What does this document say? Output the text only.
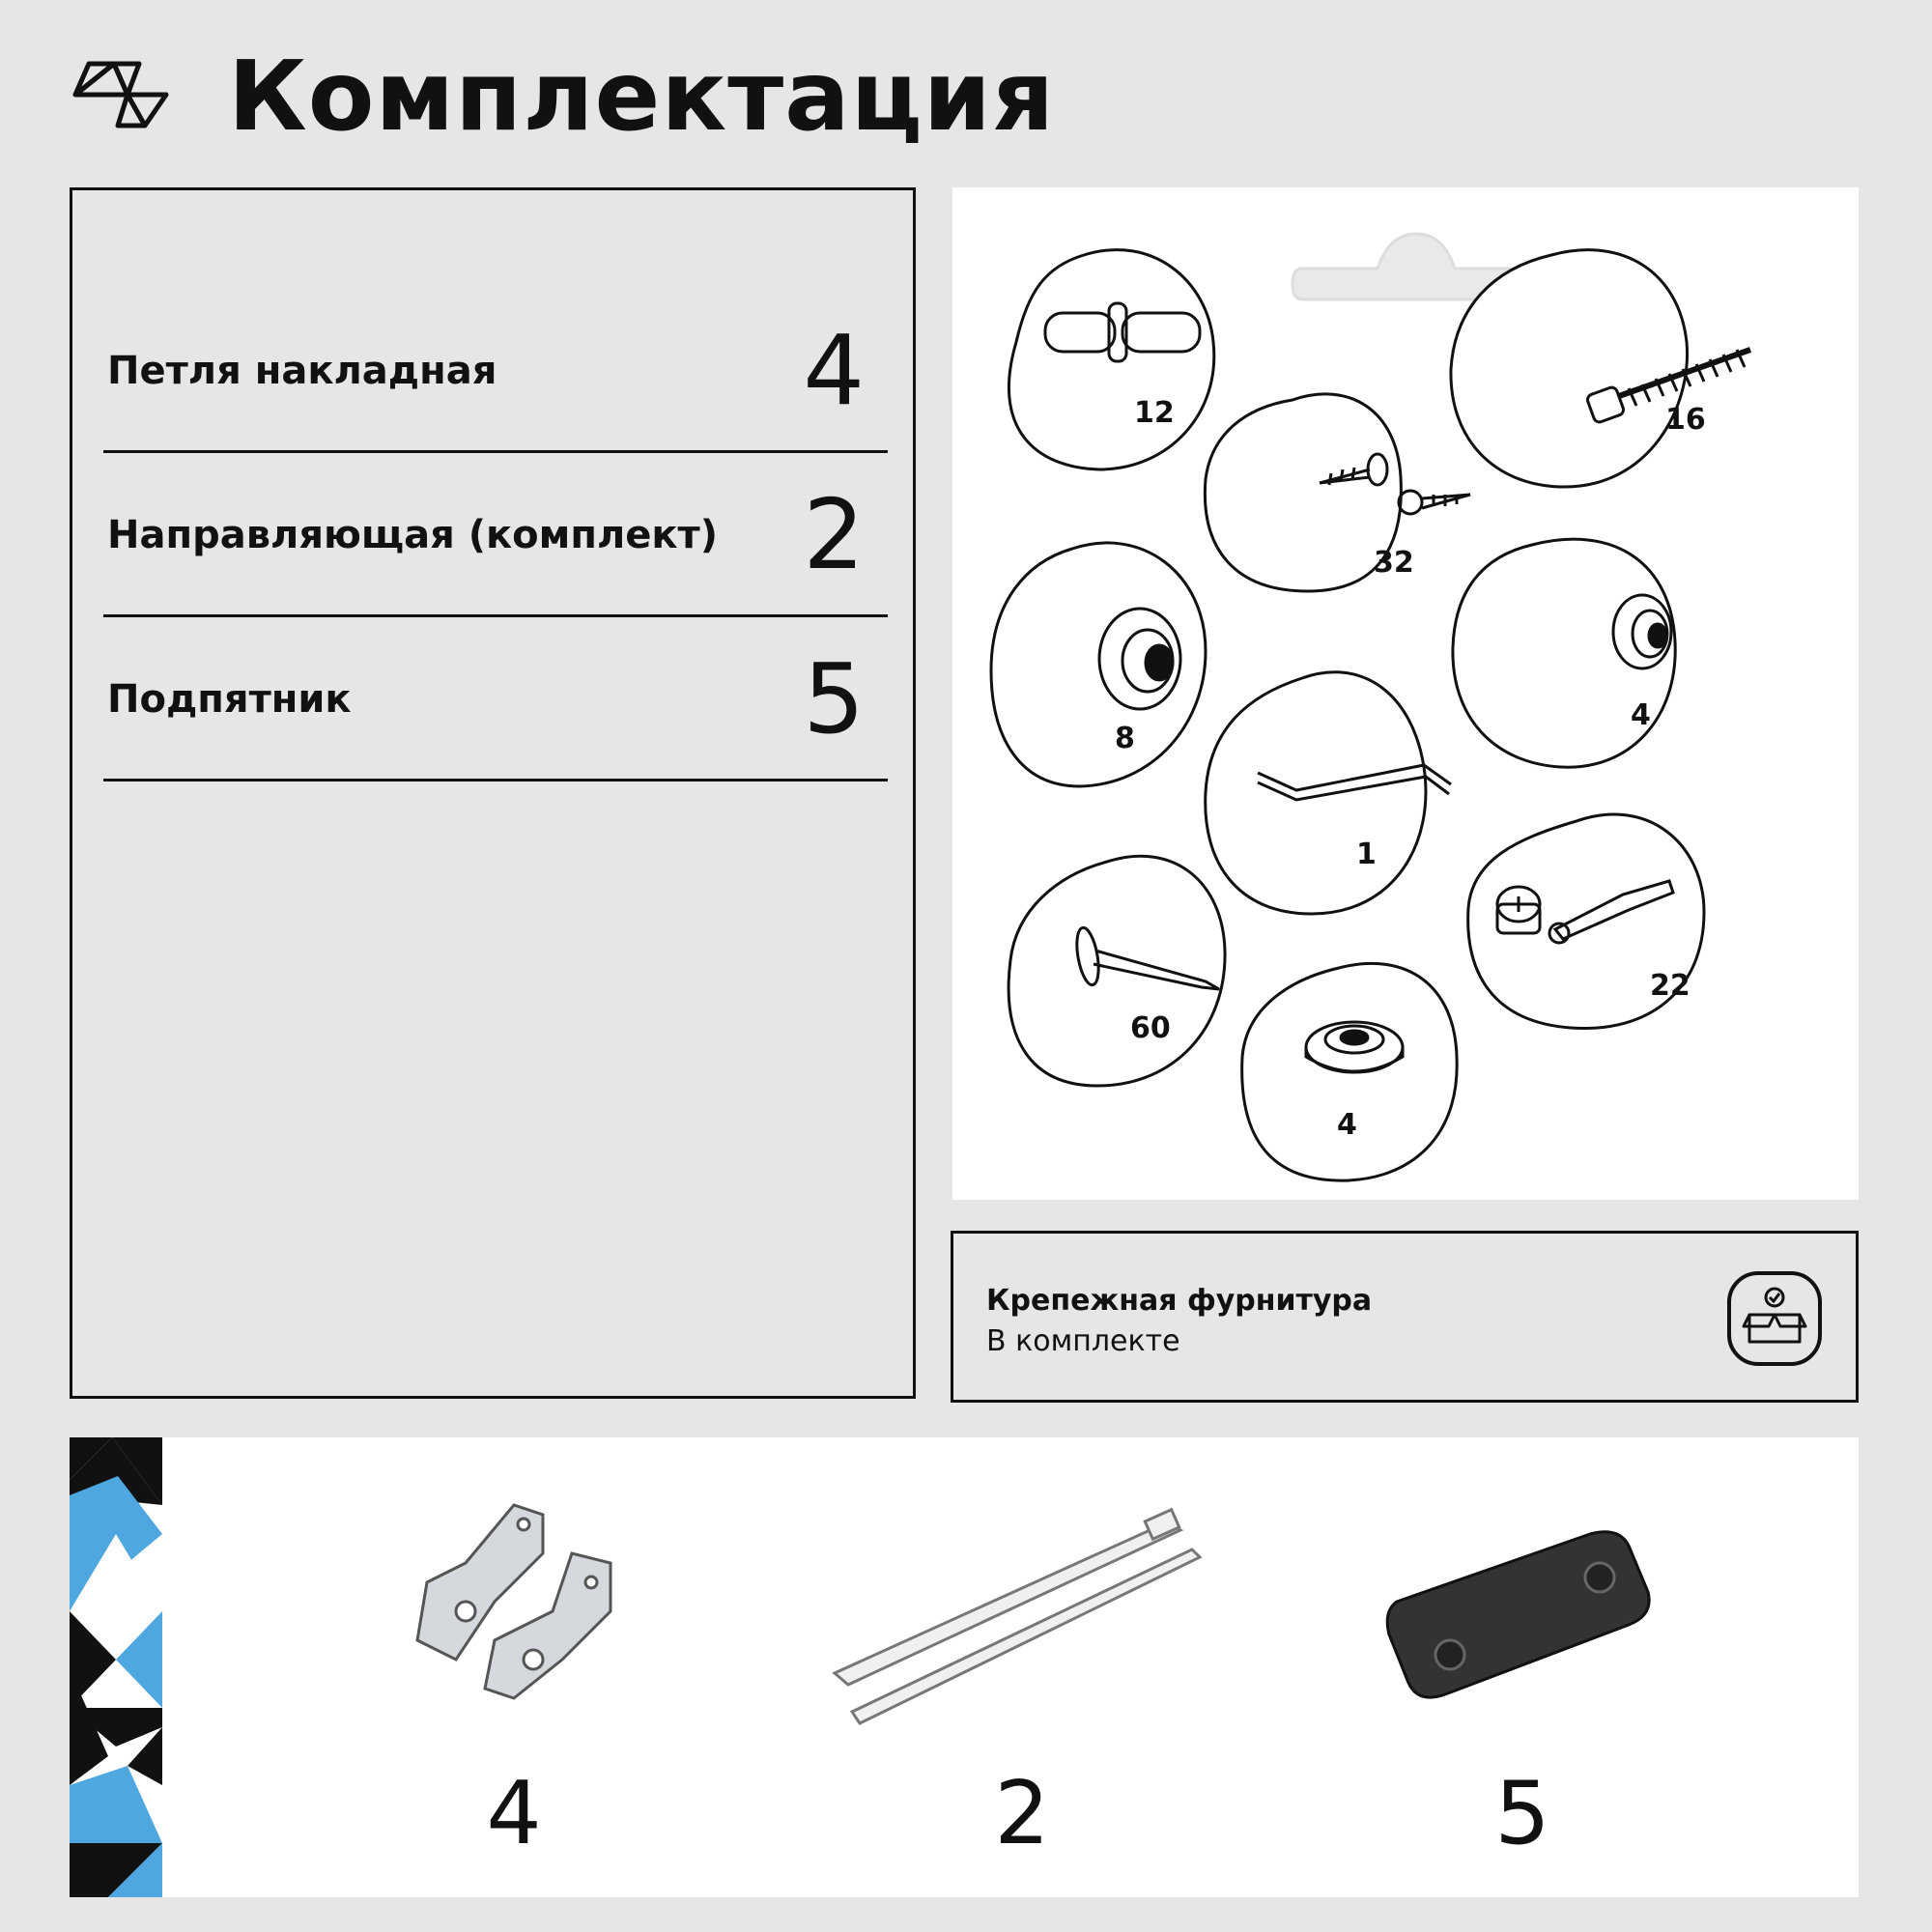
Комплектация
Петля накладная	4
Направляющая (комплект) 2
Подпятник	5
12	16
32
8
4
1
22
60
4
Крепежная фурнитура
В комплекте
4	2	5
